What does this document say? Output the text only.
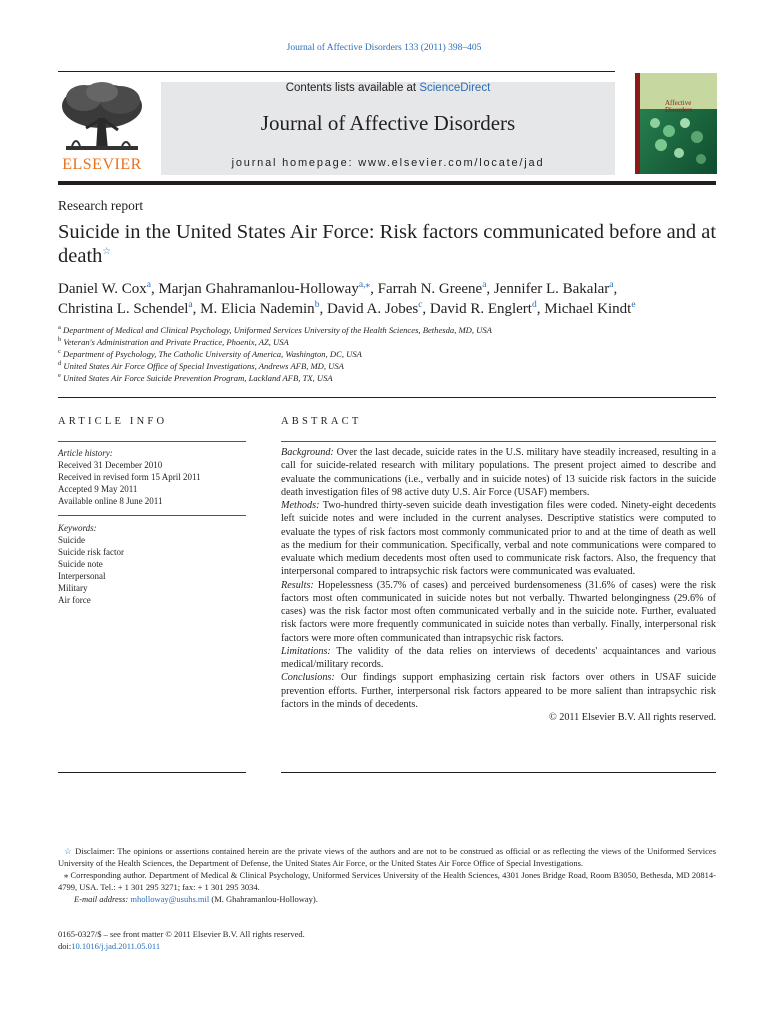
Journal of Affective Disorders 133 (2011) 398–405
ELSEVIER
Contents lists available at ScienceDirect
Journal of Affective Disorders
journal homepage: www.elsevier.com/locate/jad
Affective
Disorders
Research report
Suicide in the United States Air Force: Risk factors communicated before and at death☆
Daniel W. Cox$^a$, Marjan Ghahramanlou-Holloway$^{a,⁎}$, Farrah N. Greene$^a$, Jennifer L. Bakalar$^a$,
Christina L. Schendel$^a$, M. Elicia Nademin$^b$, David A. Jobes$^c$, David R. Englert$^d$, Michael Kindt$^e$
$^a$ Department of Medical and Clinical Psychology, Uniformed Services University of the Health Sciences, Bethesda, MD, USA
$^b$ Veteran's Administration and Private Practice, Phoenix, AZ, USA
$^c$ Department of Psychology, The Catholic University of America, Washington, DC, USA
$^d$ United States Air Force Office of Special Investigations, Andrews AFB, MD, USA
$^e$ United States Air Force Suicide Prevention Program, Lackland AFB, TX, USA
ARTICLE INFO
Article history:
Received 31 December 2010
Received in revised form 15 April 2011
Accepted 9 May 2011
Available online 8 June 2011
Keywords:
Suicide
Suicide risk factor
Suicide note
Interpersonal
Military
Air force
ABSTRACT
Background: Over the last decade, suicide rates in the U.S. military have steadily increased, resulting in a call for suicide-related research with military populations. The present project aimed to describe and evaluate the communications (i.e., verbally and in suicide notes) of 13 suicide risk factors in the suicide death investigation files of 98 active duty U.S. Air Force (USAF) members.
Methods: Two-hundred thirty-seven suicide death investigation files were coded. Ninety-eight decedents left suicide notes and were included in the current analyses. Descriptive statistics were computed to evaluate the types of risk factors most commonly communicated prior to and at the time of death as well as the medium for their communication. Specifically, verbal and note communications were compared to evaluate which medium decedents most often used to communicate risk factors. Also, the frequency that interpersonal compared to intrapsychic risk factors were communicated was evaluated.
Results: Hopelessness (35.7% of cases) and perceived burdensomeness (31.6% of cases) were the risk factors most often communicated in suicide notes but not verbally. Thwarted belongingness (29.6% of cases) was the risk factor most often communicated verbally and in the suicide note. Further, evaluated risk factors were more frequently communicated in suicide notes than verbally. Finally, interpersonal risk factors were more often communicated than intrapsychic risk factors.
Limitations: The validity of the data relies on interviews of decedents' acquaintances and various medical/military records.
Conclusions: Our findings support emphasizing certain risk factors over others in USAF suicide prevention efforts. Further, interpersonal risk factors appeared to be more salient than intrapsychic risk factors in the minds of decedents.
© 2011 Elsevier B.V. All rights reserved.

☆ Disclaimer: The opinions or assertions contained herein are the private views of the authors and are not to be construed as official or as reflecting the views of the Uniformed Services University of the Health Sciences, the Department of Defense, the United States Air Force, or the United States Air Force Office of Special Investigations.

⁎ Corresponding author. Department of Medical & Clinical Psychology, Uniformed Services University of the Health Sciences, 4301 Jones Bridge Road, Room B3050, Bethesda, MD 20814-4799, USA. Tel.: + 1 301 295 3271; fax: + 1 301 295 3034.

E-mail address: mholloway@usuhs.mil (M. Ghahramanlou-Holloway).

0165-0327/$ – see front matter © 2011 Elsevier B.V. All rights reserved.
doi:10.1016/j.jad.2011.05.011
